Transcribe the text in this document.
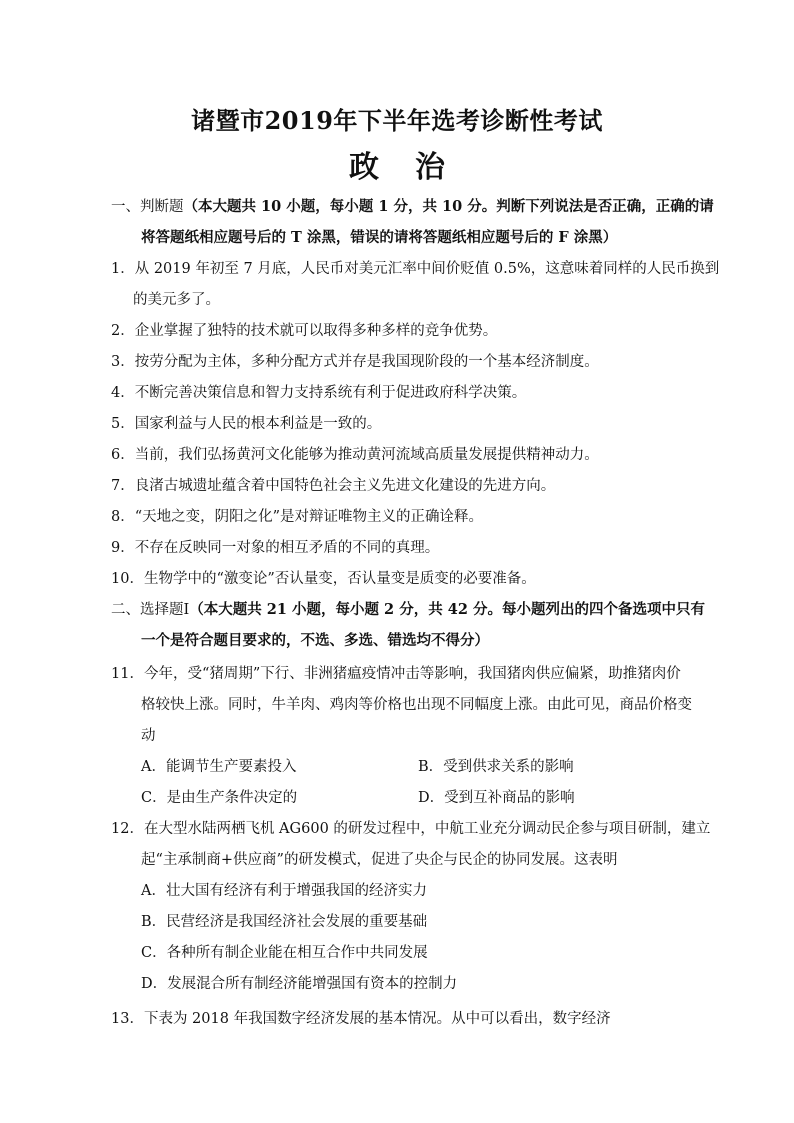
诸暨市2019年下半年选考诊断性考试
政 治
一、判断题（本大题共 10 小题，每小题 1 分，共 10 分。判断下列说法是否正确，正确的请
将答题纸相应题号后的 T 涂黑，错误的请将答题纸相应题号后的 F 涂黑）
1．从 2019 年初至 7 月底，人民币对美元汇率中间价贬值 0.5%，这意味着同样的人民币换到
的美元多了。
2．企业掌握了独特的技术就可以取得多种多样的竞争优势。
3．按劳分配为主体，多种分配方式并存是我国现阶段的一个基本经济制度。
4．不断完善决策信息和智力支持系统有利于促进政府科学决策。
5．国家利益与人民的根本利益是一致的。
6．当前，我们弘扬黄河文化能够为推动黄河流域高质量发展提供精神动力。
7．良渚古城遗址蕴含着中国特色社会主义先进文化建设的先进方向。
8．“天地之变，阴阳之化”是对辩证唯物主义的正确诠释。
9．不存在反映同一对象的相互矛盾的不同的真理。
10．生物学中的“激变论”否认量变，否认量变是质变的必要准备。
二、选择题Ⅰ（本大题共 21 小题，每小题 2 分，共 42 分。每小题列出的四个备选项中只有
一个是符合题目要求的，不选、多选、错选均不得分）
11．今年，受“猪周期”下行、非洲猪瘟疫情冲击等影响，我国猪肉供应偏紧，助推猪肉价
格较快上涨。同时，牛羊肉、鸡肉等价格也出现不同幅度上涨。由此可见，商品价格变
动
A．能调节生产要素投入	B．受到供求关系的影响
C．是由生产条件决定的	D．受到互补商品的影响
12．在大型水陆两栖飞机 AG600 的研发过程中，中航工业充分调动民企参与项目研制，建立
起“主承制商+供应商”的研发模式，促进了央企与民企的协同发展。这表明
A．壮大国有经济有利于增强我国的经济实力
B．民营经济是我国经济社会发展的重要基础
C．各种所有制企业能在相互合作中共同发展
D．发展混合所有制经济能增强国有资本的控制力
13．下表为 2018 年我国数字经济发展的基本情况。从中可以看出，数字经济
